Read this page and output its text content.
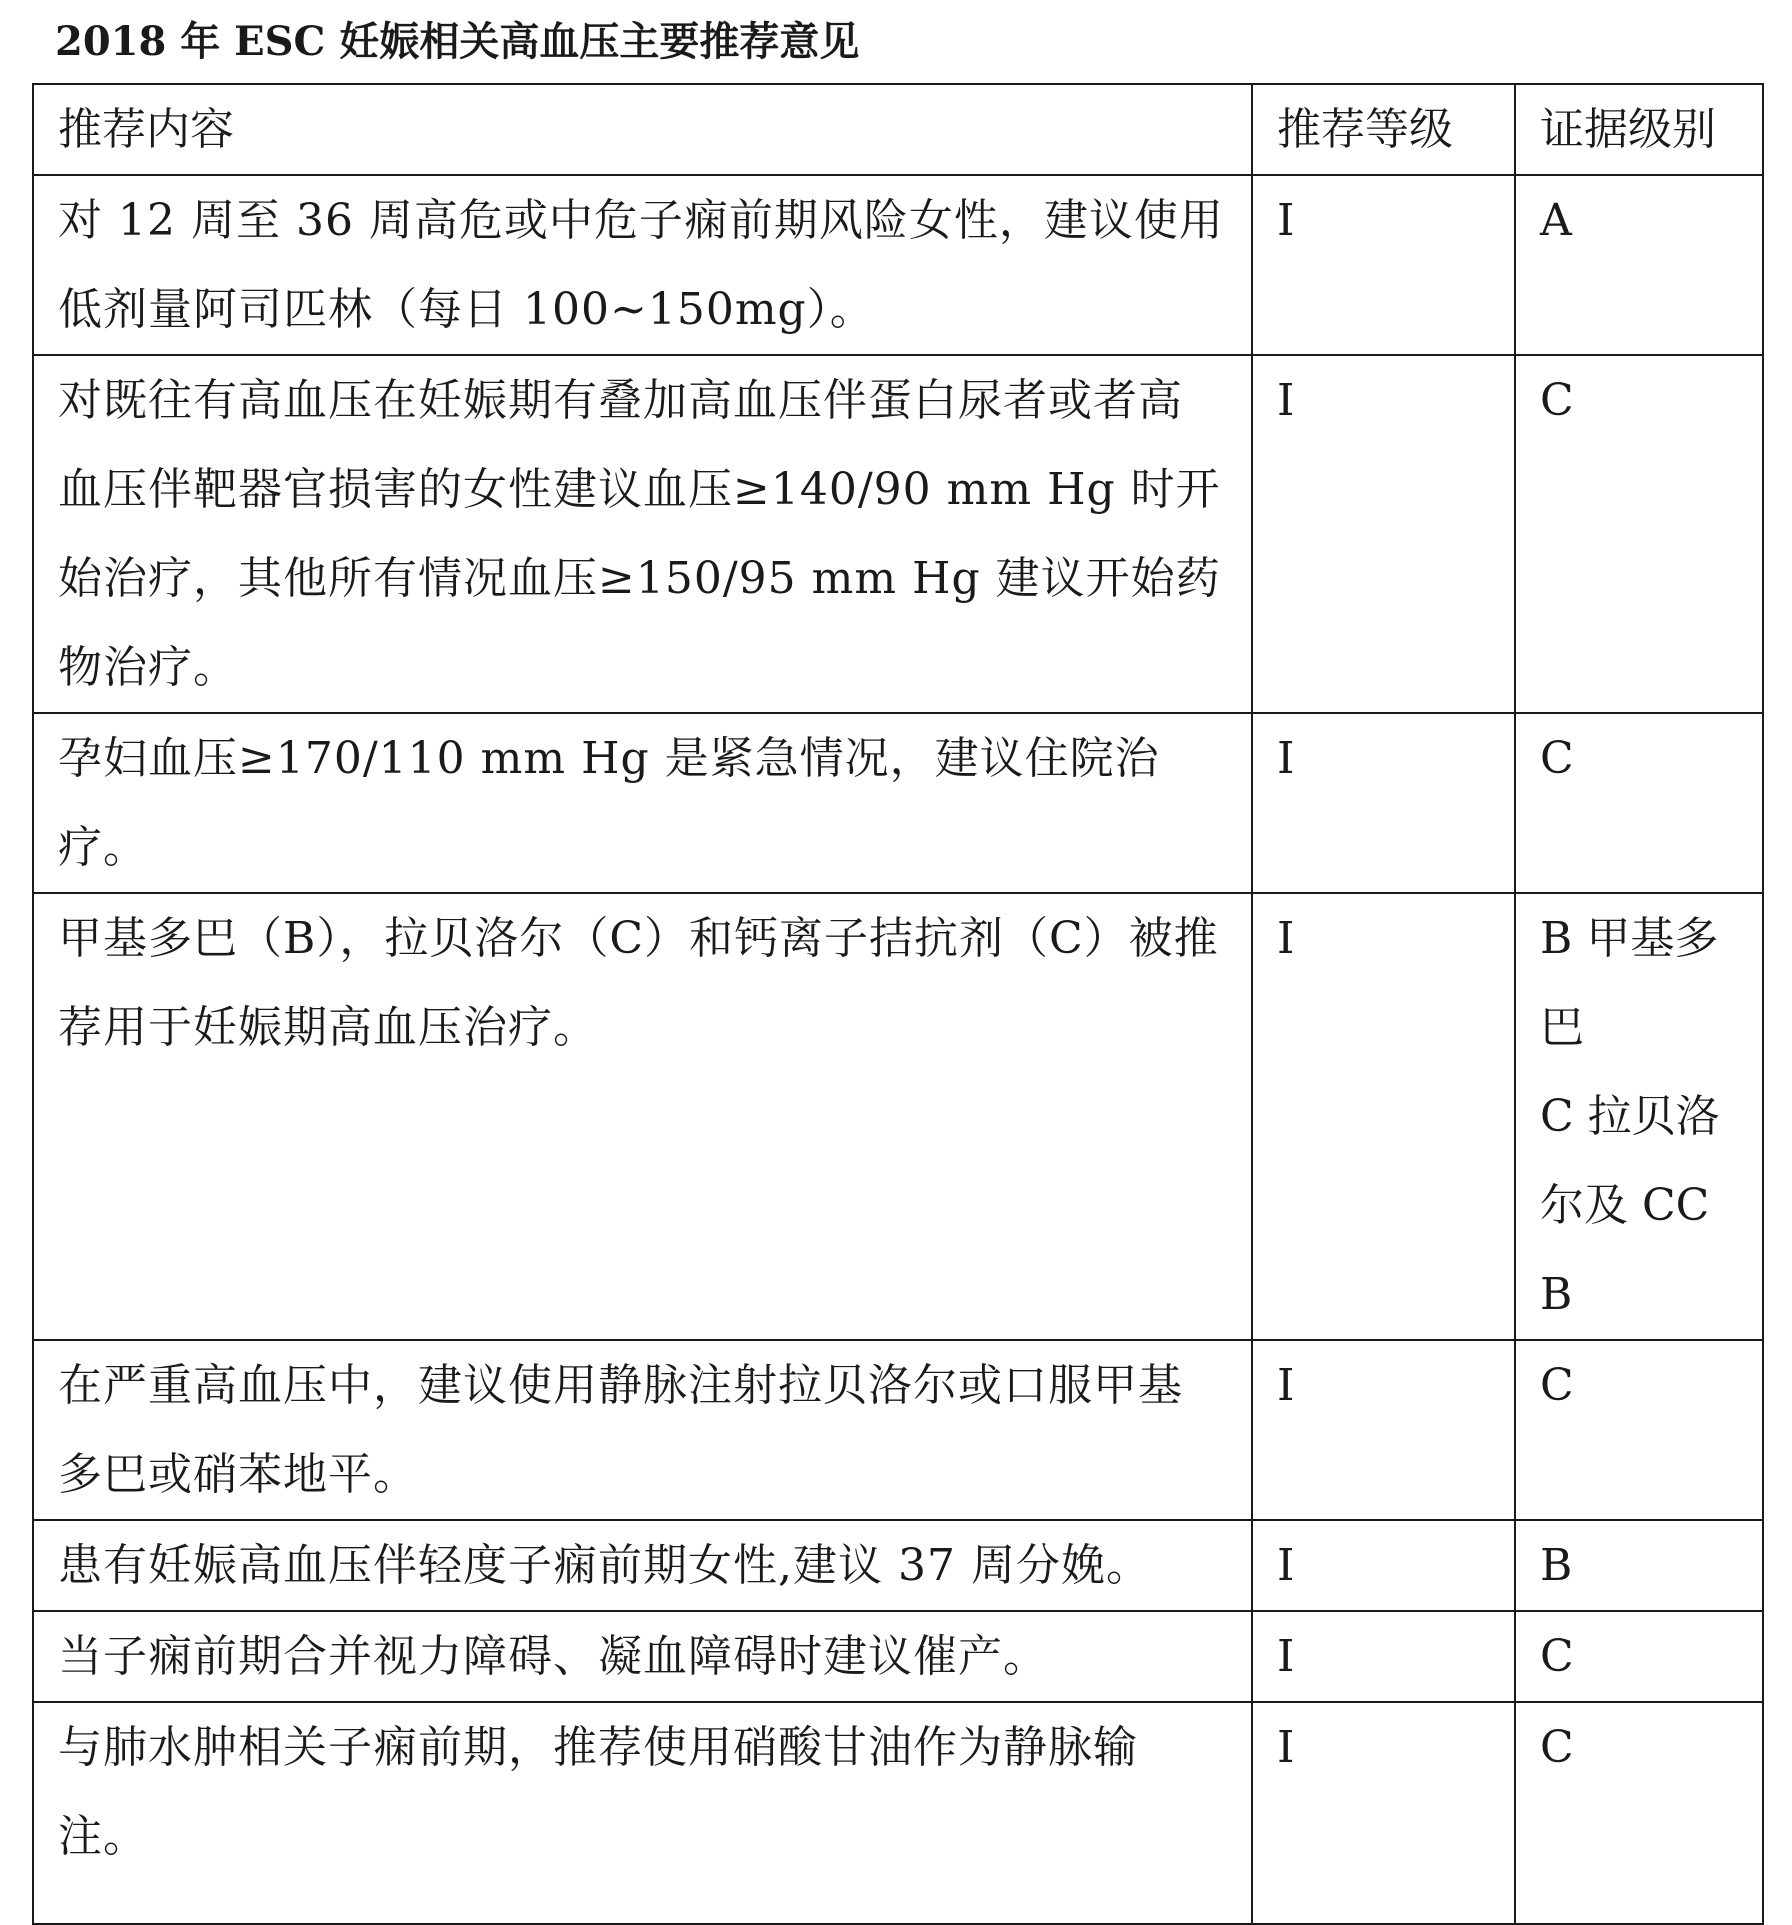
2018 年 ESC 妊娠相关高血压主要推荐意见
推荐内容	推荐等级	证据级别

对 12 周至 36 周高危或中危子痫前期风险女性，建议使用低剂量阿司匹林（每日 100~150mg）。	I	A

对既往有高血压在妊娠期有叠加高血压伴蛋白尿者或者高血压伴靶器官损害的女性建议血压≥140/90 mm Hg 时开始治疗，其他所有情况血压≥150/95 mm Hg 建议开始药物治疗。	I	C

孕妇血压≥170/110 mm Hg 是紧急情况，建议住院治疗。	I	C

甲基多巴（B），拉贝洛尔（C）和钙离子拮抗剂（C）被推荐用于妊娠期高血压治疗。	I	B 甲基多巴
C 拉贝洛尔及 CCB

在严重高血压中，建议使用静脉注射拉贝洛尔或口服甲基多巴或硝苯地平。	I	C

患有妊娠高血压伴轻度子痫前期女性,建议 37 周分娩。	I	B

当子痫前期合并视力障碍、凝血障碍时建议催产。	I	C

与肺水肿相关子痫前期，推荐使用硝酸甘油作为静脉输注。	I	C
